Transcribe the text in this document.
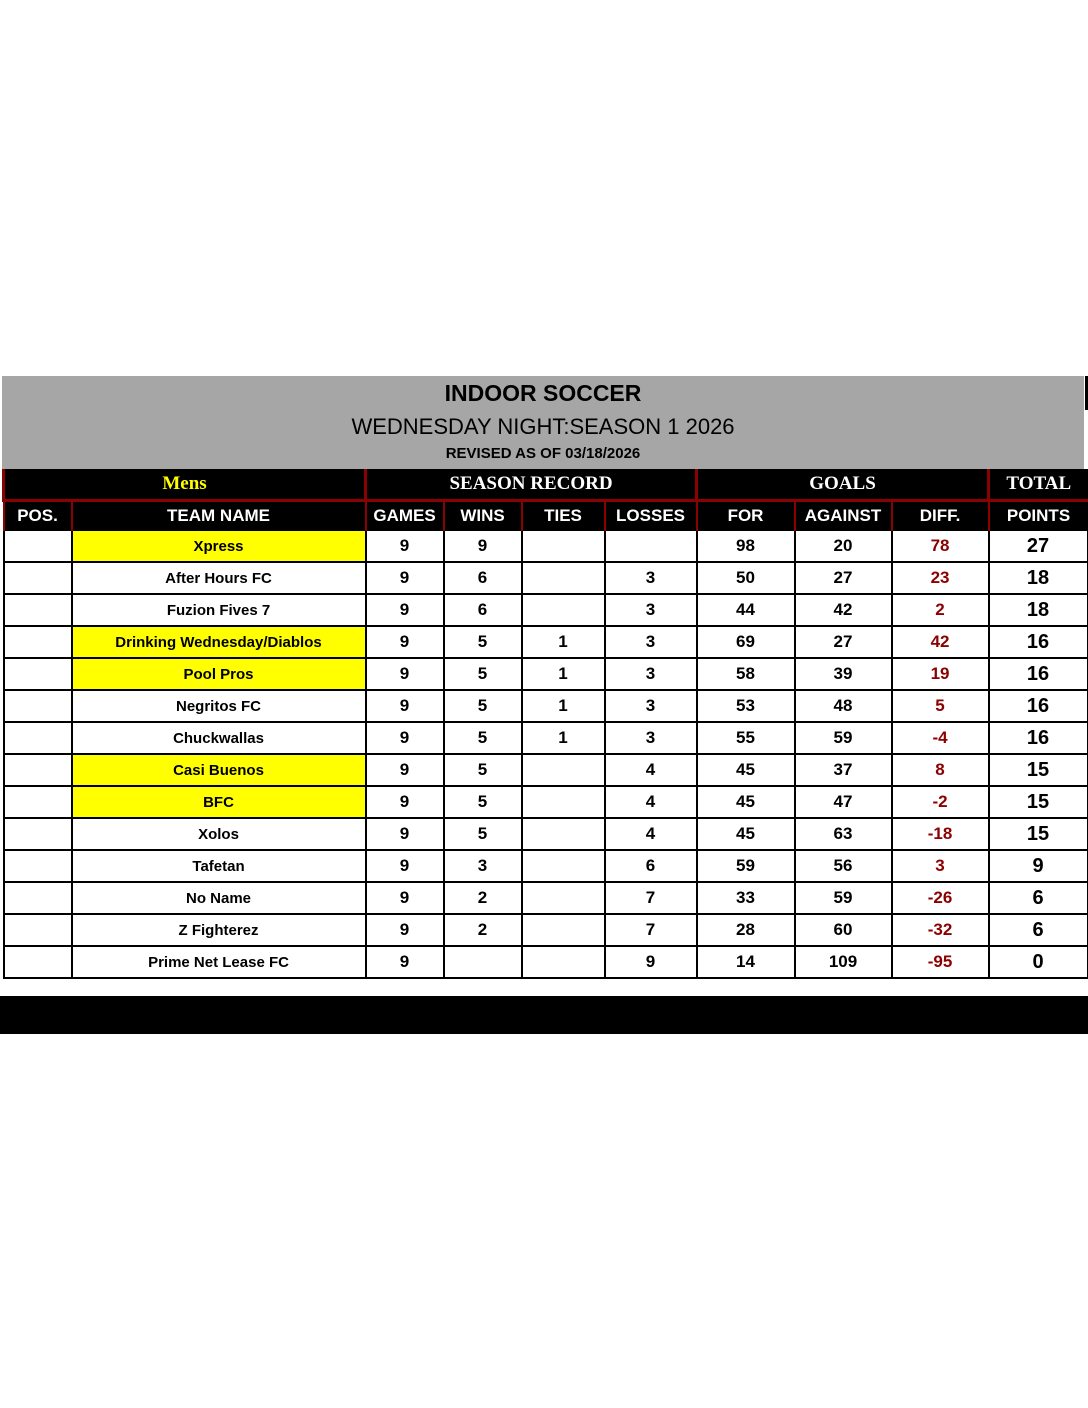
INDOOR SOCCER
WEDNESDAY NIGHT:SEASON 1 2026
REVISED AS OF 03/18/2026
Mens		SEASON RECORD				GOALS			TOTAL
POS.	TEAM NAME	GAMES	WINS	TIES	LOSSES	FOR	AGAINST	DIFF.	POINTS
	Xpress	9	9			98	20	78	27
	After Hours FC	9	6		3	50	27	23	18
	Fuzion Fives 7	9	6		3	44	42	2	18
	Drinking Wednesday/Diablos	9	5	1	3	69	27	42	16
	Pool Pros	9	5	1	3	58	39	19	16
	Negritos FC	9	5	1	3	53	48	5	16
	Chuckwallas	9	5	1	3	55	59	-4	16
	Casi Buenos	9	5		4	45	37	8	15
	BFC	9	5		4	45	47	-2	15
	Xolos	9	5		4	45	63	-18	15
	Tafetan	9	3		6	59	56	3	9
	No Name	9	2		7	33	59	-26	6
	Z Fighterez	9	2		7	28	60	-32	6
	Prime Net Lease FC	9			9	14	109	-95	0
